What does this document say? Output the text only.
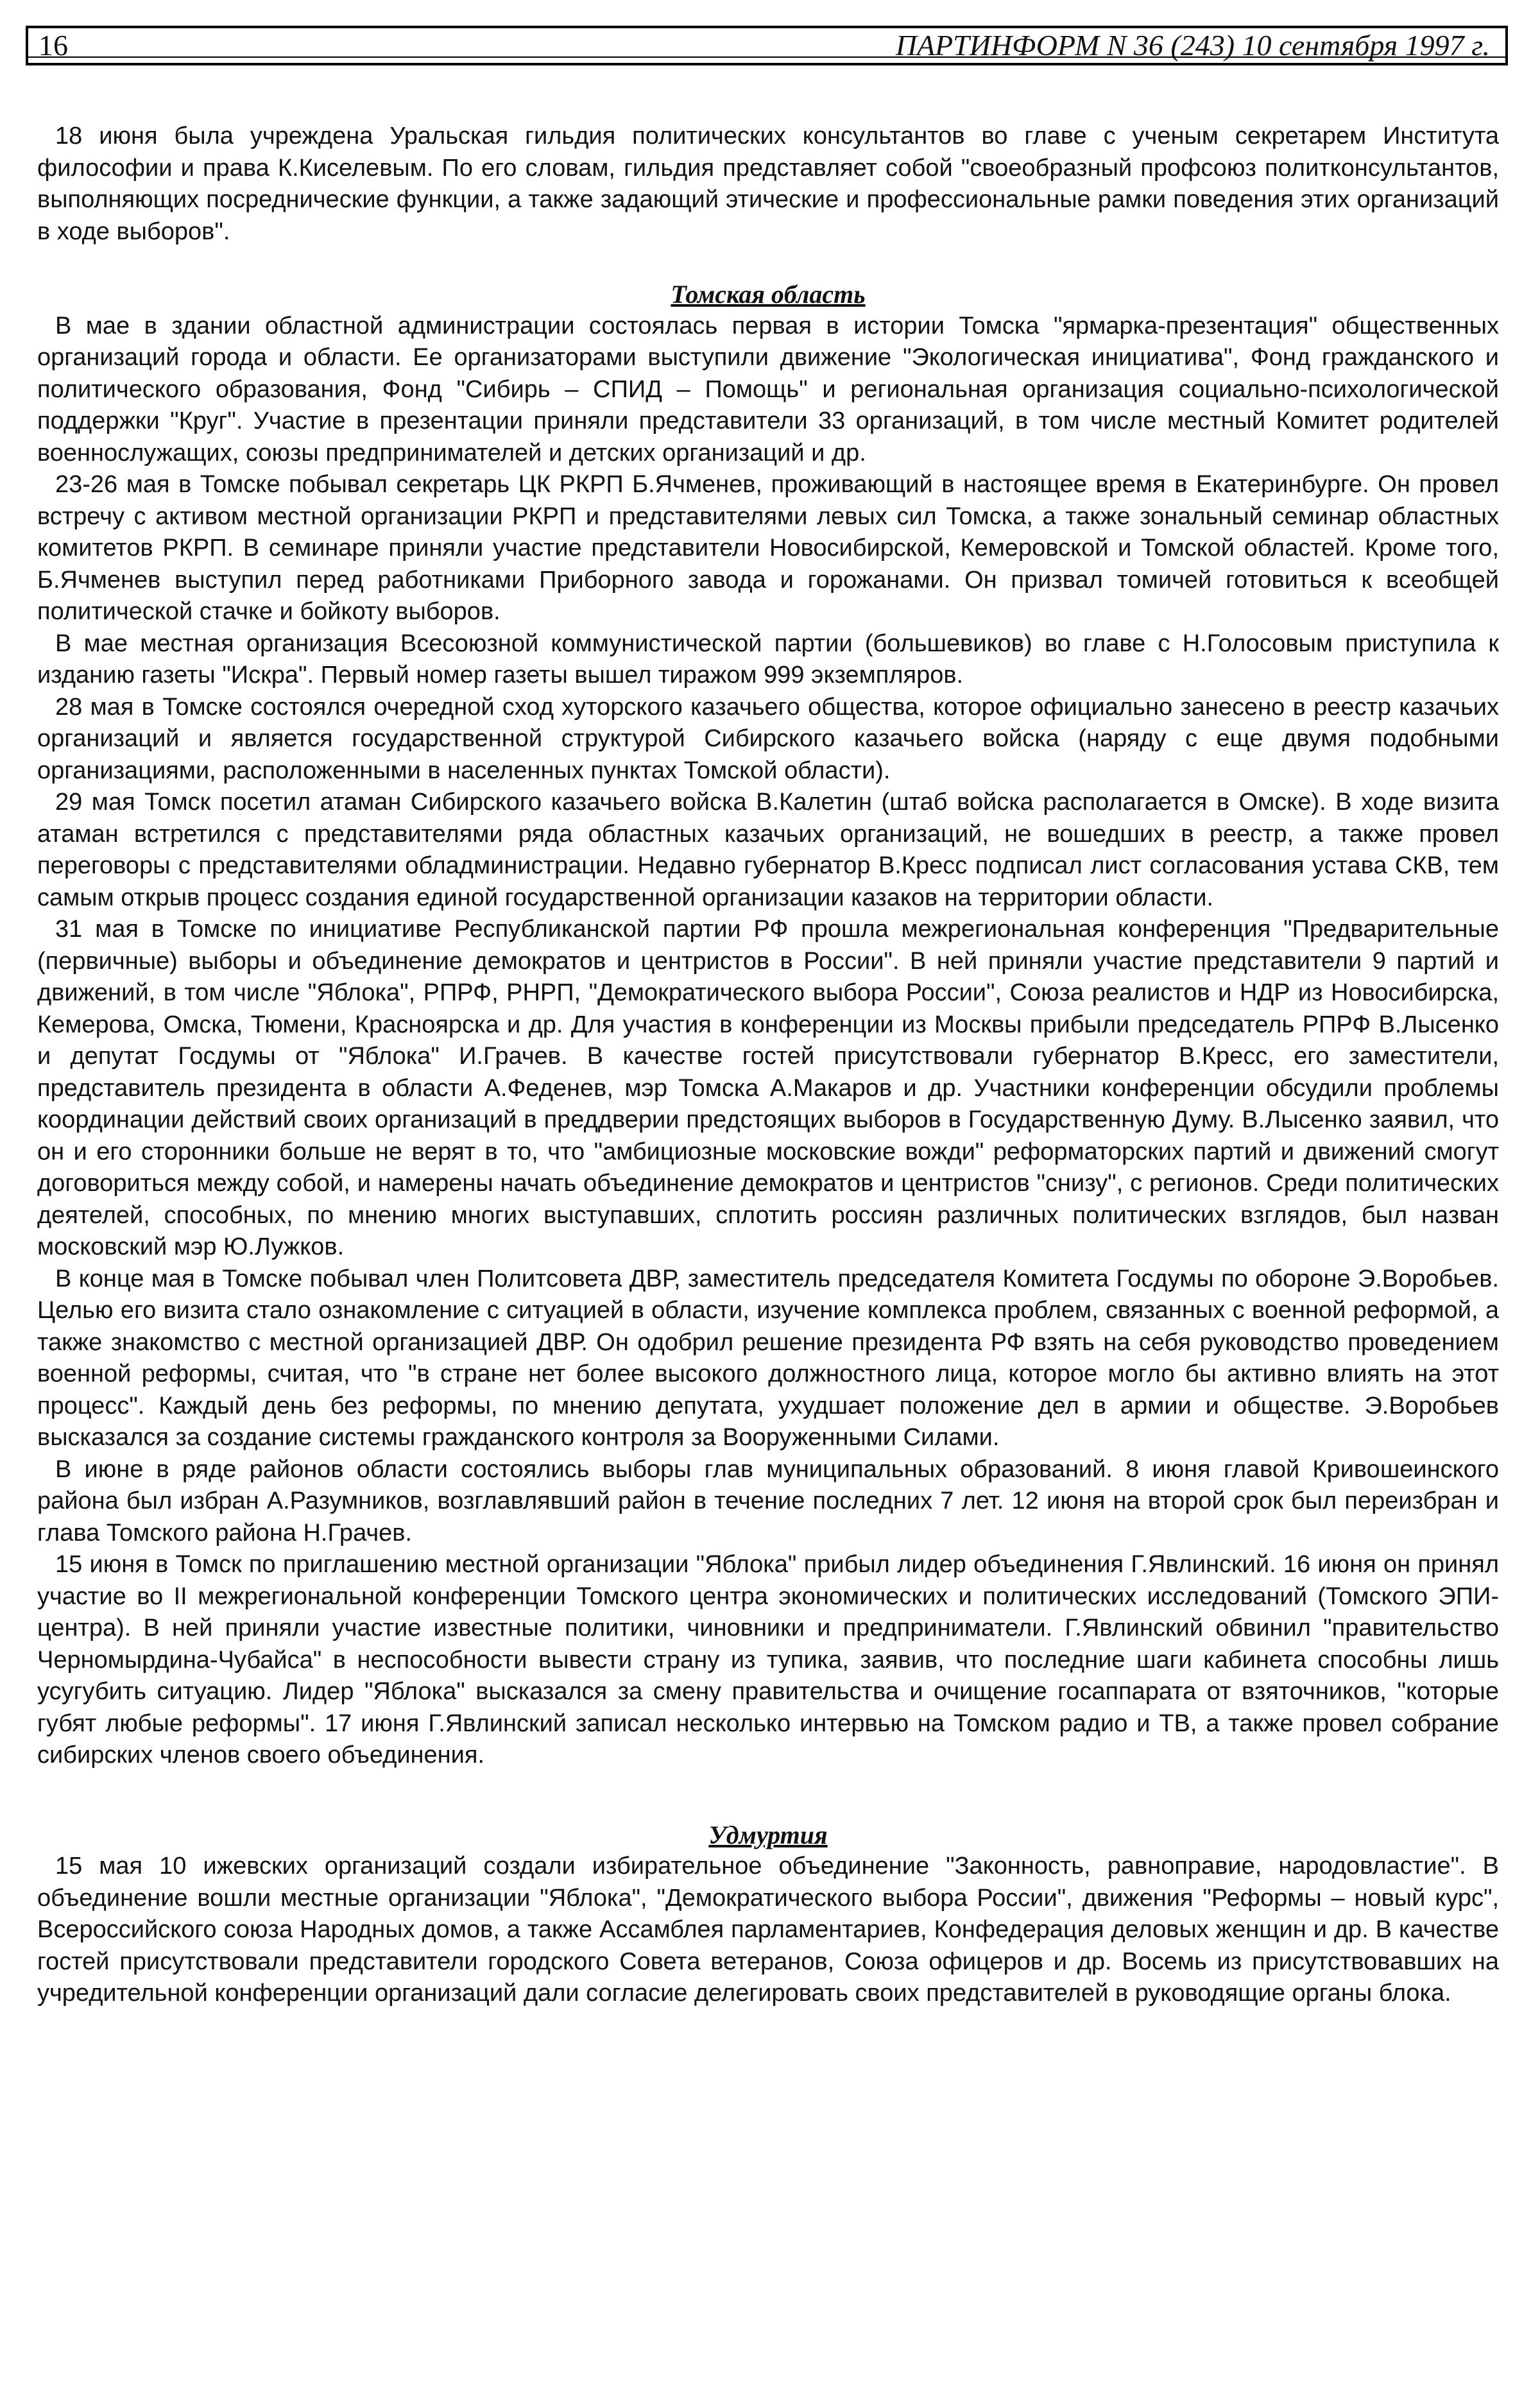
16	ПАРТИНФОРМ N 36 (243) 10 сентября 1997 г.

18 июня была учреждена Уральская гильдия политических консультантов во главе с ученым секретарем Института философии и права К.Киселевым. По его словам, гильдия представляет собой "своеобразный профсоюз политконсультантов, выполняющих посреднические функции, а также задающий этические и профессиональные рамки поведения этих организаций в ходе выборов".

Томская область

В мае в здании областной администрации состоялась первая в истории Томска "ярмарка-презентация" общественных организаций города и области. Ее организаторами выступили движение "Экологическая инициатива", Фонд гражданского и политического образования, Фонд "Сибирь – СПИД – Помощь" и региональная организация социально-психологической поддержки "Круг". Участие в презентации приняли представители 33 организаций, в том числе местный Комитет родителей военнослужащих, союзы предпринимателей и детских организаций и др.

23-26 мая в Томске побывал секретарь ЦК РКРП Б.Ячменев, проживающий в настоящее время в Екатеринбурге. Он провел встречу с активом местной организации РКРП и представителями левых сил Томска, а также зональный семинар областных комитетов РКРП. В семинаре приняли участие представители Новосибирской, Кемеровской и Томской областей. Кроме того, Б.Ячменев выступил перед работниками Приборного завода и горожанами. Он призвал томичей готовиться к всеобщей политической стачке и бойкоту выборов.

В мае местная организация Всесоюзной коммунистической партии (большевиков) во главе с Н.Голосовым приступила к изданию газеты "Искра". Первый номер газеты вышел тиражом 999 экземпляров.

28 мая в Томске состоялся очередной сход хуторского казачьего общества, которое официально занесено в реестр казачьих организаций и является государственной структурой Сибирского казачьего войска (наряду с еще двумя подобными организациями, расположенными в населенных пунктах Томской области).

29 мая Томск посетил атаман Сибирского казачьего войска В.Калетин (штаб войска располагается в Омске). В ходе визита атаман встретился с представителями ряда областных казачьих организаций, не вошедших в реестр, а также провел переговоры с представителями обладминистрации. Недавно губернатор В.Кресс подписал лист согласования устава СКВ, тем самым открыв процесс создания единой государственной организации казаков на территории области.

31 мая в Томске по инициативе Республиканской партии РФ прошла межрегиональная конференция "Предварительные (первичные) выборы и объединение демократов и центристов в России". В ней приняли участие представители 9 партий и движений, в том числе "Яблока", РПРФ, РНРП, "Демократического выбора России", Союза реалистов и НДР из Новосибирска, Кемерова, Омска, Тюмени, Красноярска и др. Для участия в конференции из Москвы прибыли председатель РПРФ В.Лысенко и депутат Госдумы от "Яблока" И.Грачев. В качестве гостей присутствовали губернатор В.Кресс, его заместители, представитель президента в области А.Феденев, мэр Томска А.Макаров и др. Участники конференции обсудили проблемы координации действий своих организаций в преддверии предстоящих выборов в Государственную Думу. В.Лысенко заявил, что он и его сторонники больше не верят в то, что "амбициозные московские вожди" реформаторских партий и движений смогут договориться между собой, и намерены начать объединение демократов и центристов "снизу", с регионов. Среди политических деятелей, способных, по мнению многих выступавших, сплотить россиян различных политических взглядов, был назван московский мэр Ю.Лужков.

В конце мая в Томске побывал член Политсовета ДВР, заместитель председателя Комитета Госдумы по обороне Э.Воробьев. Целью его визита стало ознакомление с ситуацией в области, изучение комплекса проблем, связанных с военной реформой, а также знакомство с местной организацией ДВР. Он одобрил решение президента РФ взять на себя руководство проведением военной реформы, считая, что "в стране нет более высокого должностного лица, которое могло бы активно влиять на этот процесс". Каждый день без реформы, по мнению депутата, ухудшает положение дел в армии и обществе. Э.Воробьев высказался за создание системы гражданского контроля за Вооруженными Силами.

В июне в ряде районов области состоялись выборы глав муниципальных образований. 8 июня главой Кривошеинского района был избран А.Разумников, возглавлявший район в течение последних 7 лет. 12 июня на второй срок был переизбран и глава Томского района Н.Грачев.

15 июня в Томск по приглашению местной организации "Яблока" прибыл лидер объединения Г.Явлинский. 16 июня он принял участие во II межрегиональной конференции Томского центра экономических и политических исследований (Томского ЭПИ-центра). В ней приняли участие известные политики, чиновники и предприниматели. Г.Явлинский обвинил "правительство Черномырдина-Чубайса" в неспособности вывести страну из тупика, заявив, что последние шаги кабинета способны лишь усугубить ситуацию. Лидер "Яблока" высказался за смену правительства и очищение госаппарата от взяточников, "которые губят любые реформы". 17 июня Г.Явлинский записал несколько интервью на Томском радио и ТВ, а также провел собрание сибирских членов своего объединения.

Удмуртия

15 мая 10 ижевских организаций создали избирательное объединение "Законность, равноправие, народовластие". В объединение вошли местные организации "Яблока", "Демократического выбора России", движения "Реформы – новый курс", Всероссийского союза Народных домов, а также Ассамблея парламентариев, Конфедерация деловых женщин и др. В качестве гостей присутствовали представители городского Совета ветеранов, Союза офицеров и др. Восемь из присутствовавших на учредительной конференции организаций дали согласие делегировать своих представителей в руководящие органы блока.
